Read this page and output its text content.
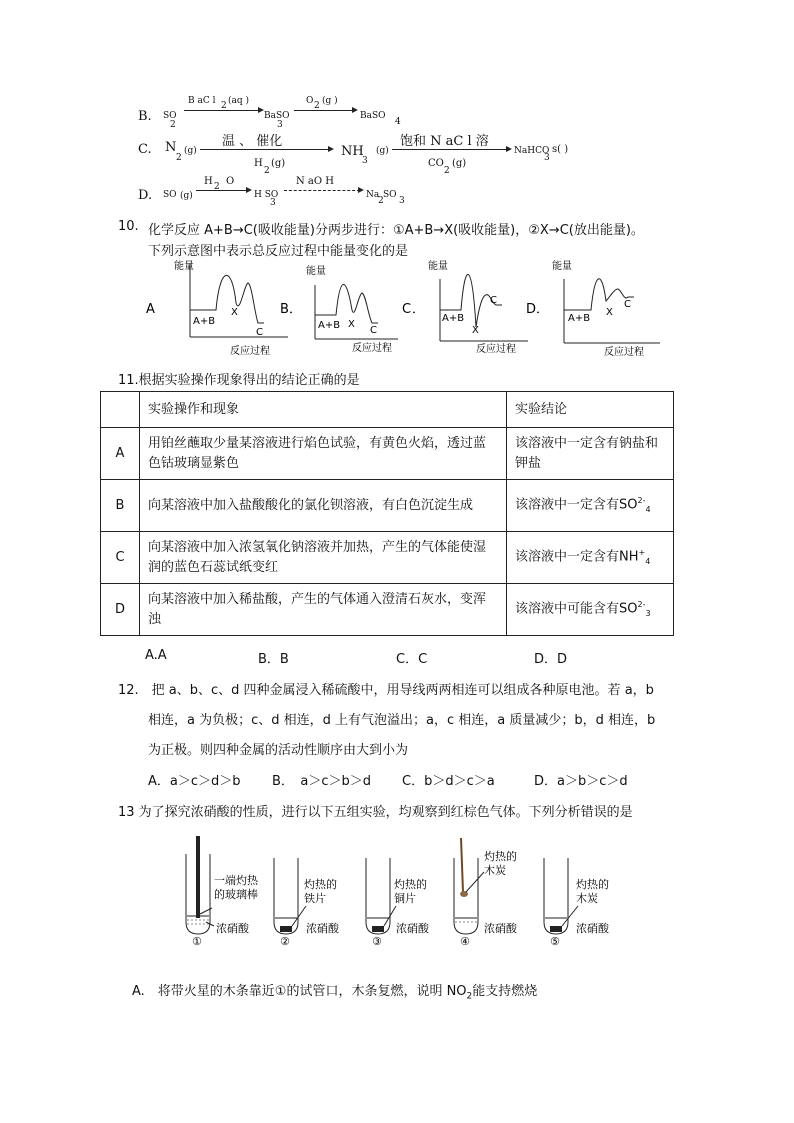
B. SO
2
B aC l 2 (aq )
BaSO
3
O 2 (g )
BaSO
4
C. N
2
(g)
温 、 催化
H
2
(g)
NH
3
(g)
饱和 N aC l 溶
CO
2
(g)
NaHCO
3
s( )
D. SO (g)
H 2 O
H SO
3
N aO H
Na
2
SO
3
10. 化学反应 A+B→C(吸收能量)分两步进行：①A+B→X(吸收能量)，②X→C(放出能量)。
下列示意图中表示总反应过程中能量变化的是
能量
A+B
X
C
反应过程
A
能量
A+B X
C
反应过程
B ．
能量
A+B
X
C
反应过程
C ．
能量
A+B
X
C
反应过程
D ．
11.根据实验操作现象得出的结论正确的是
	实验操作和现象	实验结论
A	用铂丝蘸取少量某溶液进行焰色试验，有黄色火焰，透过蓝色钴玻璃显紫色	该溶液中一定含有钠盐和钾盐
B	向某溶液中加入盐酸酸化的氯化钡溶液，有白色沉淀生成	该溶液中一定含有$SO^{2-}_4$
C	向某溶液中加入浓氢氧化钠溶液并加热，产生的气体能使湿润的蓝色石蕊试纸变红	该溶液中一定含有$NH^+_4$
D	向某溶液中加入稀盐酸，产生的气体通入澄清石灰水，变浑浊	该溶液中可能含有$SO^{2-}_3$
A.A	B．B	C．C	D．D
12.　把 a、b、c、d 四种金属浸入稀硫酸中，用导线两两相连可以组成各种原电池。若 a，b
相连，a 为负极；c、d 相连，d 上有气泡溢出；a，c 相连，a 质量减少；b，d 相连，b
为正极。则四种金属的活动性顺序由大到小为
A．a＞c＞d＞b B．　a＞c＞b＞d C．b＞d＞c＞a	D．a＞b＞c＞d
13 为了探究浓硝酸的性质，进行以下五组实验，均观察到红棕色气体。下列分析错误的是
一端灼热
的玻璃棒
浓硝酸
①
灼热的
铁片
浓硝酸
②
灼热的
铜片
浓硝酸
③
灼热的
木炭
浓硝酸
④
灼热的
木炭
浓硝酸
⑤
A.　将带火星的木条靠近①的试管口，木条复燃，说明 $NO_2$能支持燃烧
